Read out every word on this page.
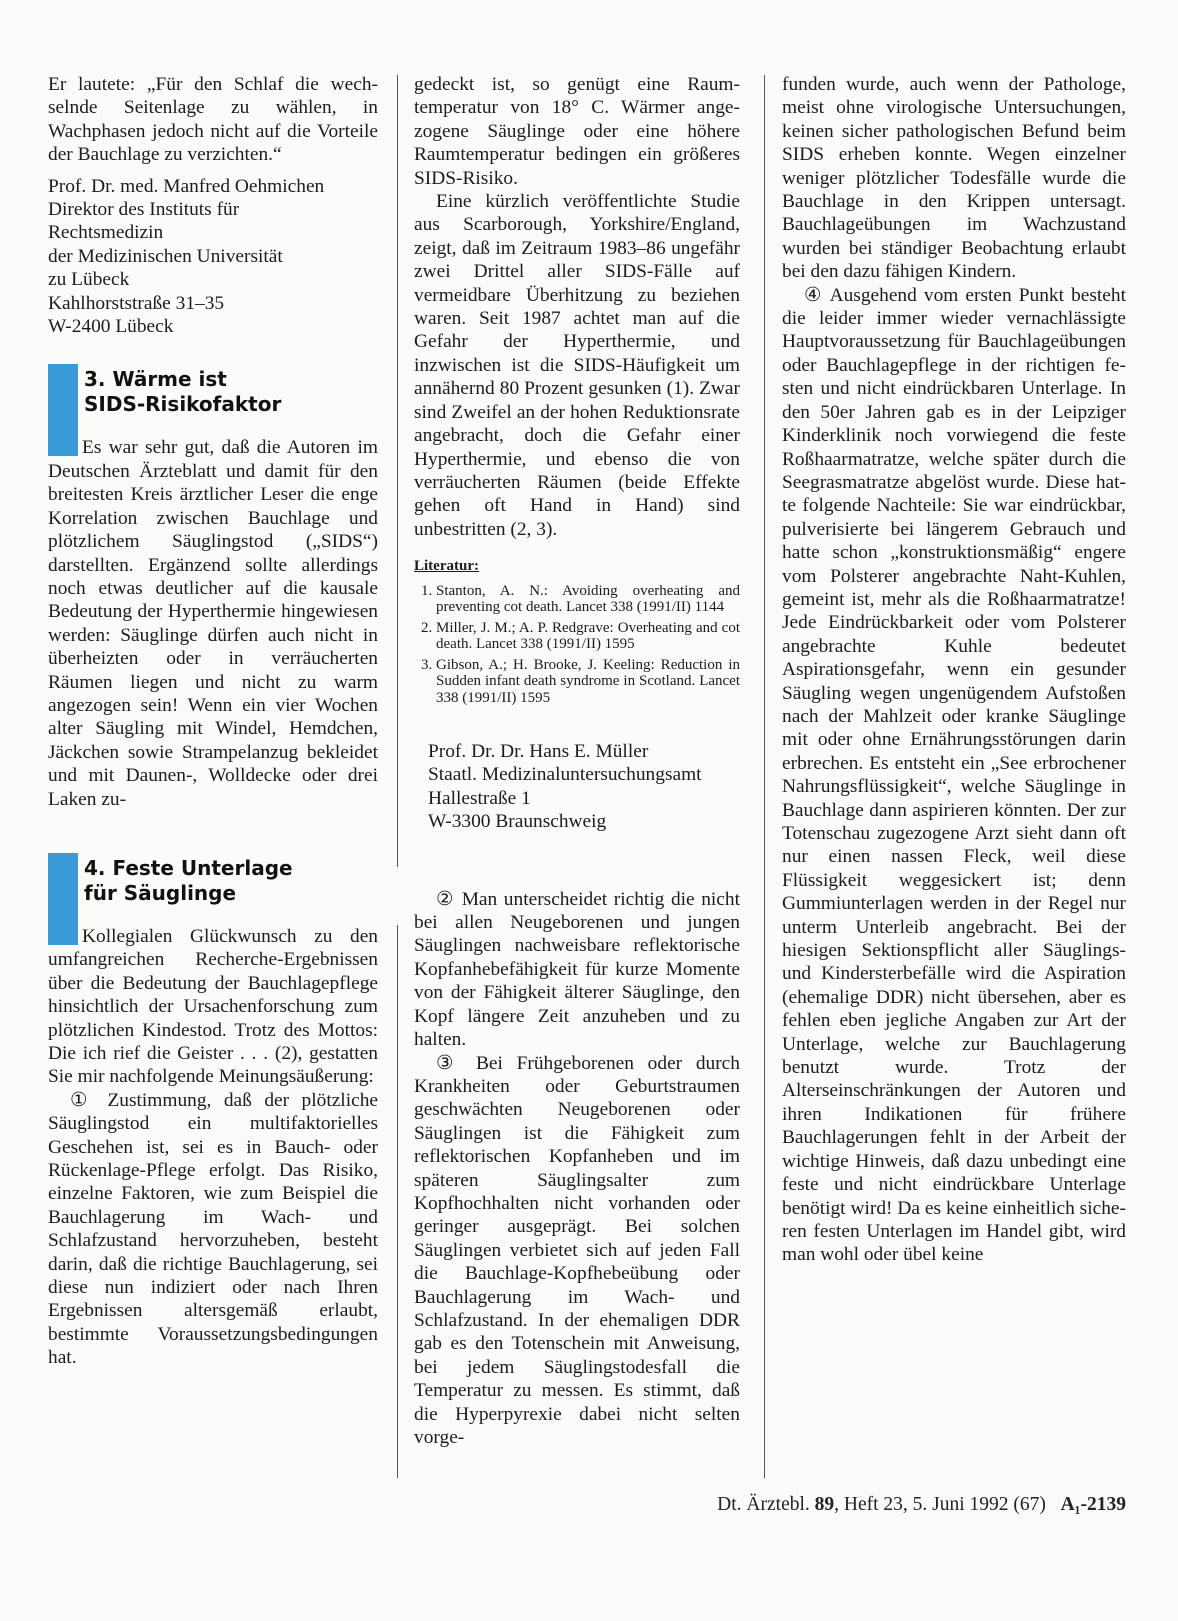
Er lautete: „Für den Schlaf die wechselnde Seitenlage zu wählen, in Wachphasen jedoch nicht auf die Vorteile der Bauchlage zu verzichten.“

Prof. Dr. med. Manfred Oehmichen

Direktor des Instituts für

Rechtsmedizin

der Medizinischen Universität

zu Lübeck

Kahlhorststraße 31–35

W-2400 Lübeck

3. Wärme ist
SIDS-Risikofaktor

Es war sehr gut, daß die Autoren im Deutschen Ärzteblatt und damit für den breitesten Kreis ärztlicher Leser die enge Korrelation zwischen Bauchlage und plötzlichem Säuglingstod („SIDS“) darstellten. Ergänzend sollte allerdings noch etwas deutlicher auf die kausale Bedeutung der Hyperthermie hingewiesen werden: Säuglinge dürfen auch nicht in überheizten oder in verräucherten Räumen liegen und nicht zu warm angezogen sein! Wenn ein vier Wochen alter Säugling mit Windel, Hemdchen, Jäckchen sowie Strampelanzug bekleidet und mit Daunen-, Wolldecke oder drei Laken zu-

4. Feste Unterlage
für Säuglinge

Kollegialen Glückwunsch zu den umfangreichen Recherche-Ergebnissen über die Bedeutung der Bauchlagepflege hinsichtlich der Ursachenforschung zum plötzlichen Kindestod. Trotz des Mottos: Die ich rief die Geister . . . (2), gestatten Sie mir nachfolgende Meinungsäußerung:

① Zustimmung, daß der plötzliche Säuglingstod ein multifaktorielles Geschehen ist, sei es in Bauch- oder Rückenlage-Pflege erfolgt. Das Risiko, einzelne Faktoren, wie zum Beispiel die Bauchlagerung im Wach- und Schlafzustand hervorzuheben, besteht darin, daß die richtige Bauchlagerung, sei diese nun indiziert oder nach Ihren Ergebnissen altersgemäß erlaubt, bestimmte Voraussetzungsbedingungen hat.

gedeckt ist, so genügt eine Raumtemperatur von 18° C. Wärmer angezogene Säuglinge oder eine höhere Raumtemperatur bedingen ein größeres SIDS-Risiko.

Eine kürzlich veröffentlichte Studie aus Scarborough, Yorkshire/England, zeigt, daß im Zeitraum 1983–86 ungefähr zwei Drittel aller SIDS-Fälle auf vermeidbare Überhitzung zu beziehen waren. Seit 1987 achtet man auf die Gefahr der Hyperthermie, und inzwischen ist die SIDS-Häufigkeit um annähernd 80 Prozent gesunken (1). Zwar sind Zweifel an der hohen Reduktionsrate angebracht, doch die Gefahr einer Hyperthermie, und ebenso die von verräucherten Räumen (beide Effekte gehen oft Hand in Hand) sind unbestritten (2, 3).

Literatur:
1. Stanton, A. N.: Avoiding overheating and preventing cot death. Lancet 338 (1991/II) 1144
2. Miller, J. M.; A. P. Redgrave: Overheating and cot death. Lancet 338 (1991/II) 1595
3. Gibson, A.; H. Brooke, J. Keeling: Reduction in Sudden infant death syndrome in Scotland. Lancet 338 (1991/II) 1595

Prof. Dr. Dr. Hans E. Müller

Staatl. Medizinaluntersuchungsamt

Hallestraße 1

W-3300 Braunschweig

② Man unterscheidet richtig die nicht bei allen Neugeborenen und jungen Säuglingen nachweisbare reflektorische Kopfanhebefähigkeit für kurze Momente von der Fähigkeit älterer Säuglinge, den Kopf längere Zeit anzuheben und zu halten.

③ Bei Frühgeborenen oder durch Krankheiten oder Geburtstraumen geschwächten Neugeborenen oder Säuglingen ist die Fähigkeit zum reflektorischen Kopfanheben und im späteren Säuglingsalter zum Kopfhochhalten nicht vorhanden oder geringer ausgeprägt. Bei solchen Säuglingen verbietet sich auf jeden Fall die Bauchlage-Kopfhebeübung oder Bauchlagerung im Wach- und Schlafzustand. In der ehemaligen DDR gab es den Totenschein mit Anweisung, bei jedem Säuglingstodesfall die Temperatur zu messen. Es stimmt, daß die Hyperpyrexie dabei nicht selten vorge-

funden wurde, auch wenn der Pathologe, meist ohne virologische Untersuchungen, keinen sicher pathologischen Befund beim SIDS erheben konnte. Wegen einzelner weniger plötzlicher Todesfälle wurde die Bauchlage in den Krippen untersagt. Bauchlageübungen im Wachzustand wurden bei ständiger Beobachtung erlaubt bei den dazu fähigen Kindern.

④ Ausgehend vom ersten Punkt besteht die leider immer wieder vernachlässigte Hauptvoraussetzung für Bauchlageübungen oder Bauchlagepflege in der richtigen festen und nicht eindrückbaren Unterlage. In den 50er Jahren gab es in der Leipziger Kinderklinik noch vorwiegend die feste Roßhaarmatratze, welche später durch die Seegrasmatratze abgelöst wurde. Diese hatte folgende Nachteile: Sie war eindrückbar, pulverisierte bei längerem Gebrauch und hatte schon „konstruktionsmäßig“ engere vom Polsterer angebrachte Naht-Kuhlen, gemeint ist, mehr als die Roßhaarmatratze! Jede Eindrückbarkeit oder vom Polsterer angebrachte Kuhle bedeutet Aspirationsgefahr, wenn ein gesunder Säugling wegen ungenügendem Aufstoßen nach der Mahlzeit oder kranke Säuglinge mit oder ohne Ernährungsstörungen darin erbrechen. Es entsteht ein „See erbrochener Nahrungsflüssigkeit“, welche Säuglinge in Bauchlage dann aspirieren könnten. Der zur Totenschau zugezogene Arzt sieht dann oft nur einen nassen Fleck, weil diese Flüssigkeit weggesickert ist; denn Gummiunterlagen werden in der Regel nur unterm Unterleib angebracht. Bei der hiesigen Sektionspflicht aller Säuglings- und Kindersterbefälle wird die Aspiration (ehemalige DDR) nicht übersehen, aber es fehlen eben jegliche Angaben zur Art der Unterlage, welche zur Bauchlagerung benutzt wurde. Trotz der Alterseinschränkungen der Autoren und ihren Indikationen für frühere Bauchlagerungen fehlt in der Arbeit der wichtige Hinweis, daß dazu unbedingt eine feste und nicht eindrückbare Unterlage benötigt wird! Da es keine einheitlich sicheren festen Unterlagen im Handel gibt, wird man wohl oder übel keine

Dt. Ärztebl. 89, Heft 23, 5. Juni 1992 (67) A₁-2139
